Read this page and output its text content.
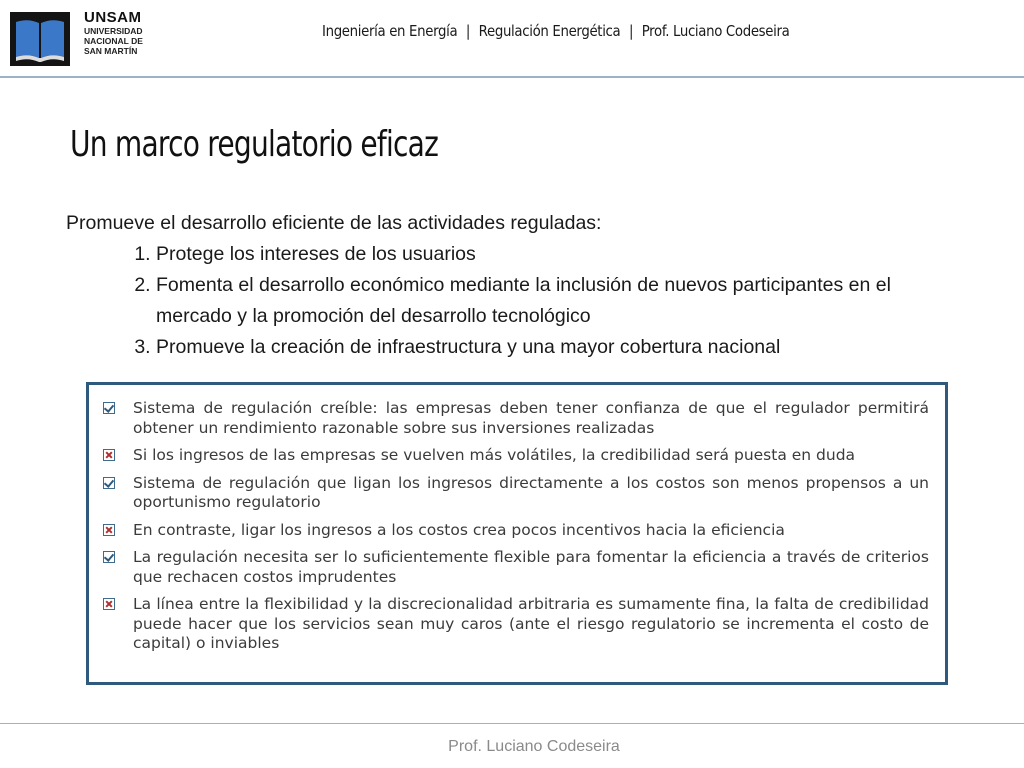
UNSAM
UNIVERSIDAD
NACIONAL DE
SAN MARTÍN
Ingeniería en Energía | Regulación Energética | Prof. Luciano Codeseira
Un marco regulatorio eficaz

Promueve el desarrollo eficiente de las actividades reguladas:

1. Protege los intereses de los usuarios
2. Fomenta el desarrollo económico mediante la inclusión de nuevos participantes en el mercado y la promoción del desarrollo tecnológico
3. Promueve la creación de infraestructura y una mayor cobertura nacional
Sistema de regulación creíble: las empresas deben tener confianza de que el regulador permitirá obtener un rendimiento razonable sobre sus inversiones realizadas
Si los ingresos de las empresas se vuelven más volátiles, la credibilidad será puesta en duda
Sistema de regulación que ligan los ingresos directamente a los costos son menos propensos a un oportunismo regulatorio
En contraste, ligar los ingresos a los costos crea pocos incentivos hacia la eficiencia
La regulación necesita ser lo suficientemente flexible para fomentar la eficiencia a través de criterios que rechacen costos imprudentes
La línea entre la flexibilidad y la discrecionalidad arbitraria es sumamente fina, la falta de credibilidad puede hacer que los servicios sean muy caros (ante el riesgo regulatorio se incrementa el costo de capital) o inviables
Prof. Luciano Codeseira
